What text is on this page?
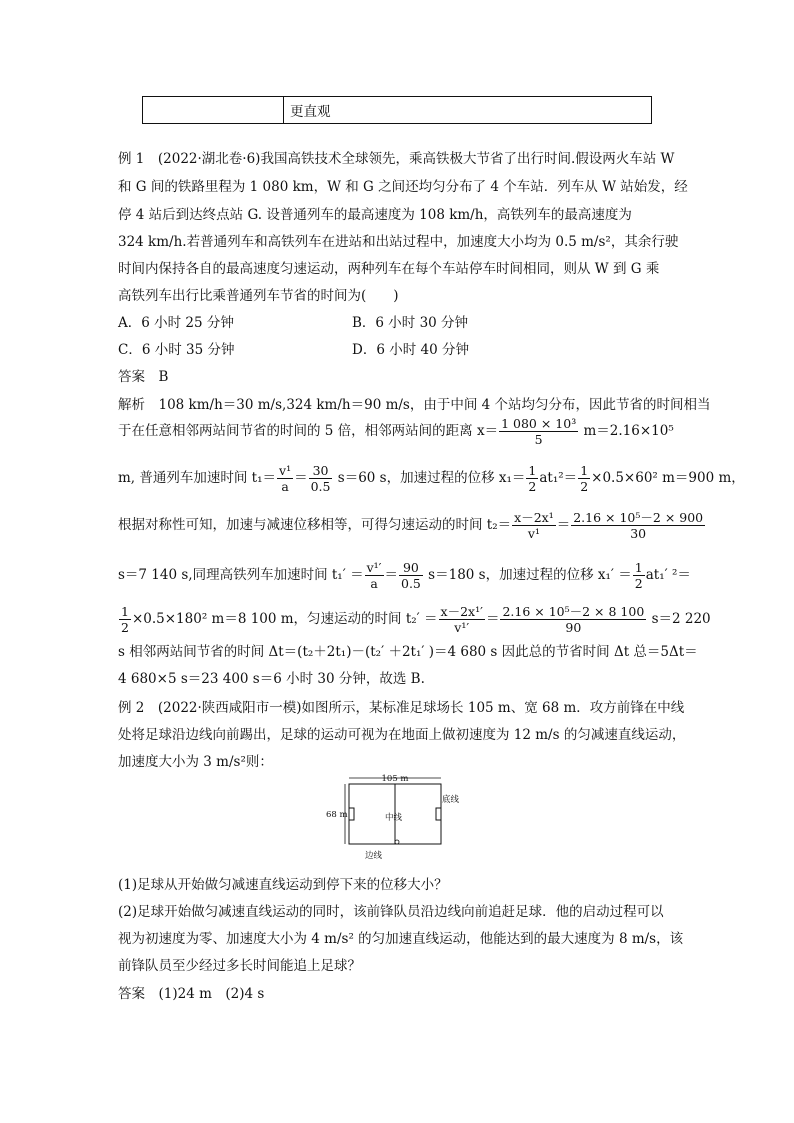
	更直观
例 1　(2022·湖北卷·6)我国高铁技术全球领先，乘高铁极大节省了出行时间.假设两火车站 W
和 G 间的铁路里程为 1 080 km，W 和 G 之间还均匀分布了 4 个车站．列车从 W 站始发，经
停 4 站后到达终点站 G. 设普通列车的最高速度为 108 km/h，高铁列车的最高速度为
324 km/h.若普通列车和高铁列车在进站和出站过程中，加速度大小均为 0.5 m/s²，其余行驶
时间内保持各自的最高速度匀速运动，两种列车在每个车站停车时间相同，则从 W 到 G 乘
高铁列车出行比乘普通列车节省的时间为(　　)
A．6 小时 25 分钟	B．6 小时 30 分钟
C．6 小时 35 分钟	D．6 小时 40 分钟
答案　B
解析　108 km/h＝30 m/s,324 km/h＝90 m/s，由于中间 4 个站均匀分布，因此节省的时间相当
于在任意相邻两站间节省的时间的 5 倍，相邻两站间的距离 $x= \frac{\text{1 080 × 10³}}{5} m=2.16\times 10^5$
m, 普通列车加速时间 $t_1= \frac{\text{v¹}}{a} = \frac{30}{0.5} s=60$ s，加速过程的位移 $x_1= \frac{1}{2} at_1^2= \frac{1}{2} \times 0.5\times 60^2$ m＝900 m，
根据对称性可知，加速与减速位移相等，可得匀速运动的时间 $t_2= \frac{\text{x－2x¹}}{\text{v¹}} = \frac{\text{2.16 × 10⁵－2 × 900}}{30}$
s＝7 140 s,同理高铁列车加速时间 $t_1' = \frac{\text{v¹′}}{a} = \frac{90}{0.5} s=180$ s，加速过程的位移 $x_1' = \frac{1}{2} at_1'$ ²＝
$\frac{1}{2} \times 0.5\times 180^2$ m＝8 100 m，匀速运动的时间 $t_2' = \frac{\text{x－2x¹′}}{\text{v¹′}} = \frac{\text{2.16 × 10⁵－2 × 8 100}}{90} s=2$ 220
s 相邻两站间节省的时间 Δt＝(t₂＋2t₁)－(t₂′ ＋2t₁′ )＝4 680 s 因此总的节省时间 Δt 总＝5Δt＝
4 680×5 s＝23 400 s＝6 小时 30 分钟，故选 B.
例 2　(2022·陕西咸阳市一模)如图所示，某标准足球场长 105 m、宽 68 m．攻方前锋在中线
处将足球沿边线向前踢出，足球的运动可视为在地面上做初速度为 12 m/s 的匀减速直线运动，
加速度大小为 3 m/s²则：
105 m
68 m	中线
底线
边线
(1)足球从开始做匀减速直线运动到停下来的位移大小？
(2)足球开始做匀减速直线运动的同时，该前锋队员沿边线向前追赶足球．他的启动过程可以
视为初速度为零、加速度大小为 4 m/s² 的匀加速直线运动，他能达到的最大速度为 8 m/s，该
前锋队员至少经过多长时间能追上足球？
答案　(1)24 m　(2)4 s
